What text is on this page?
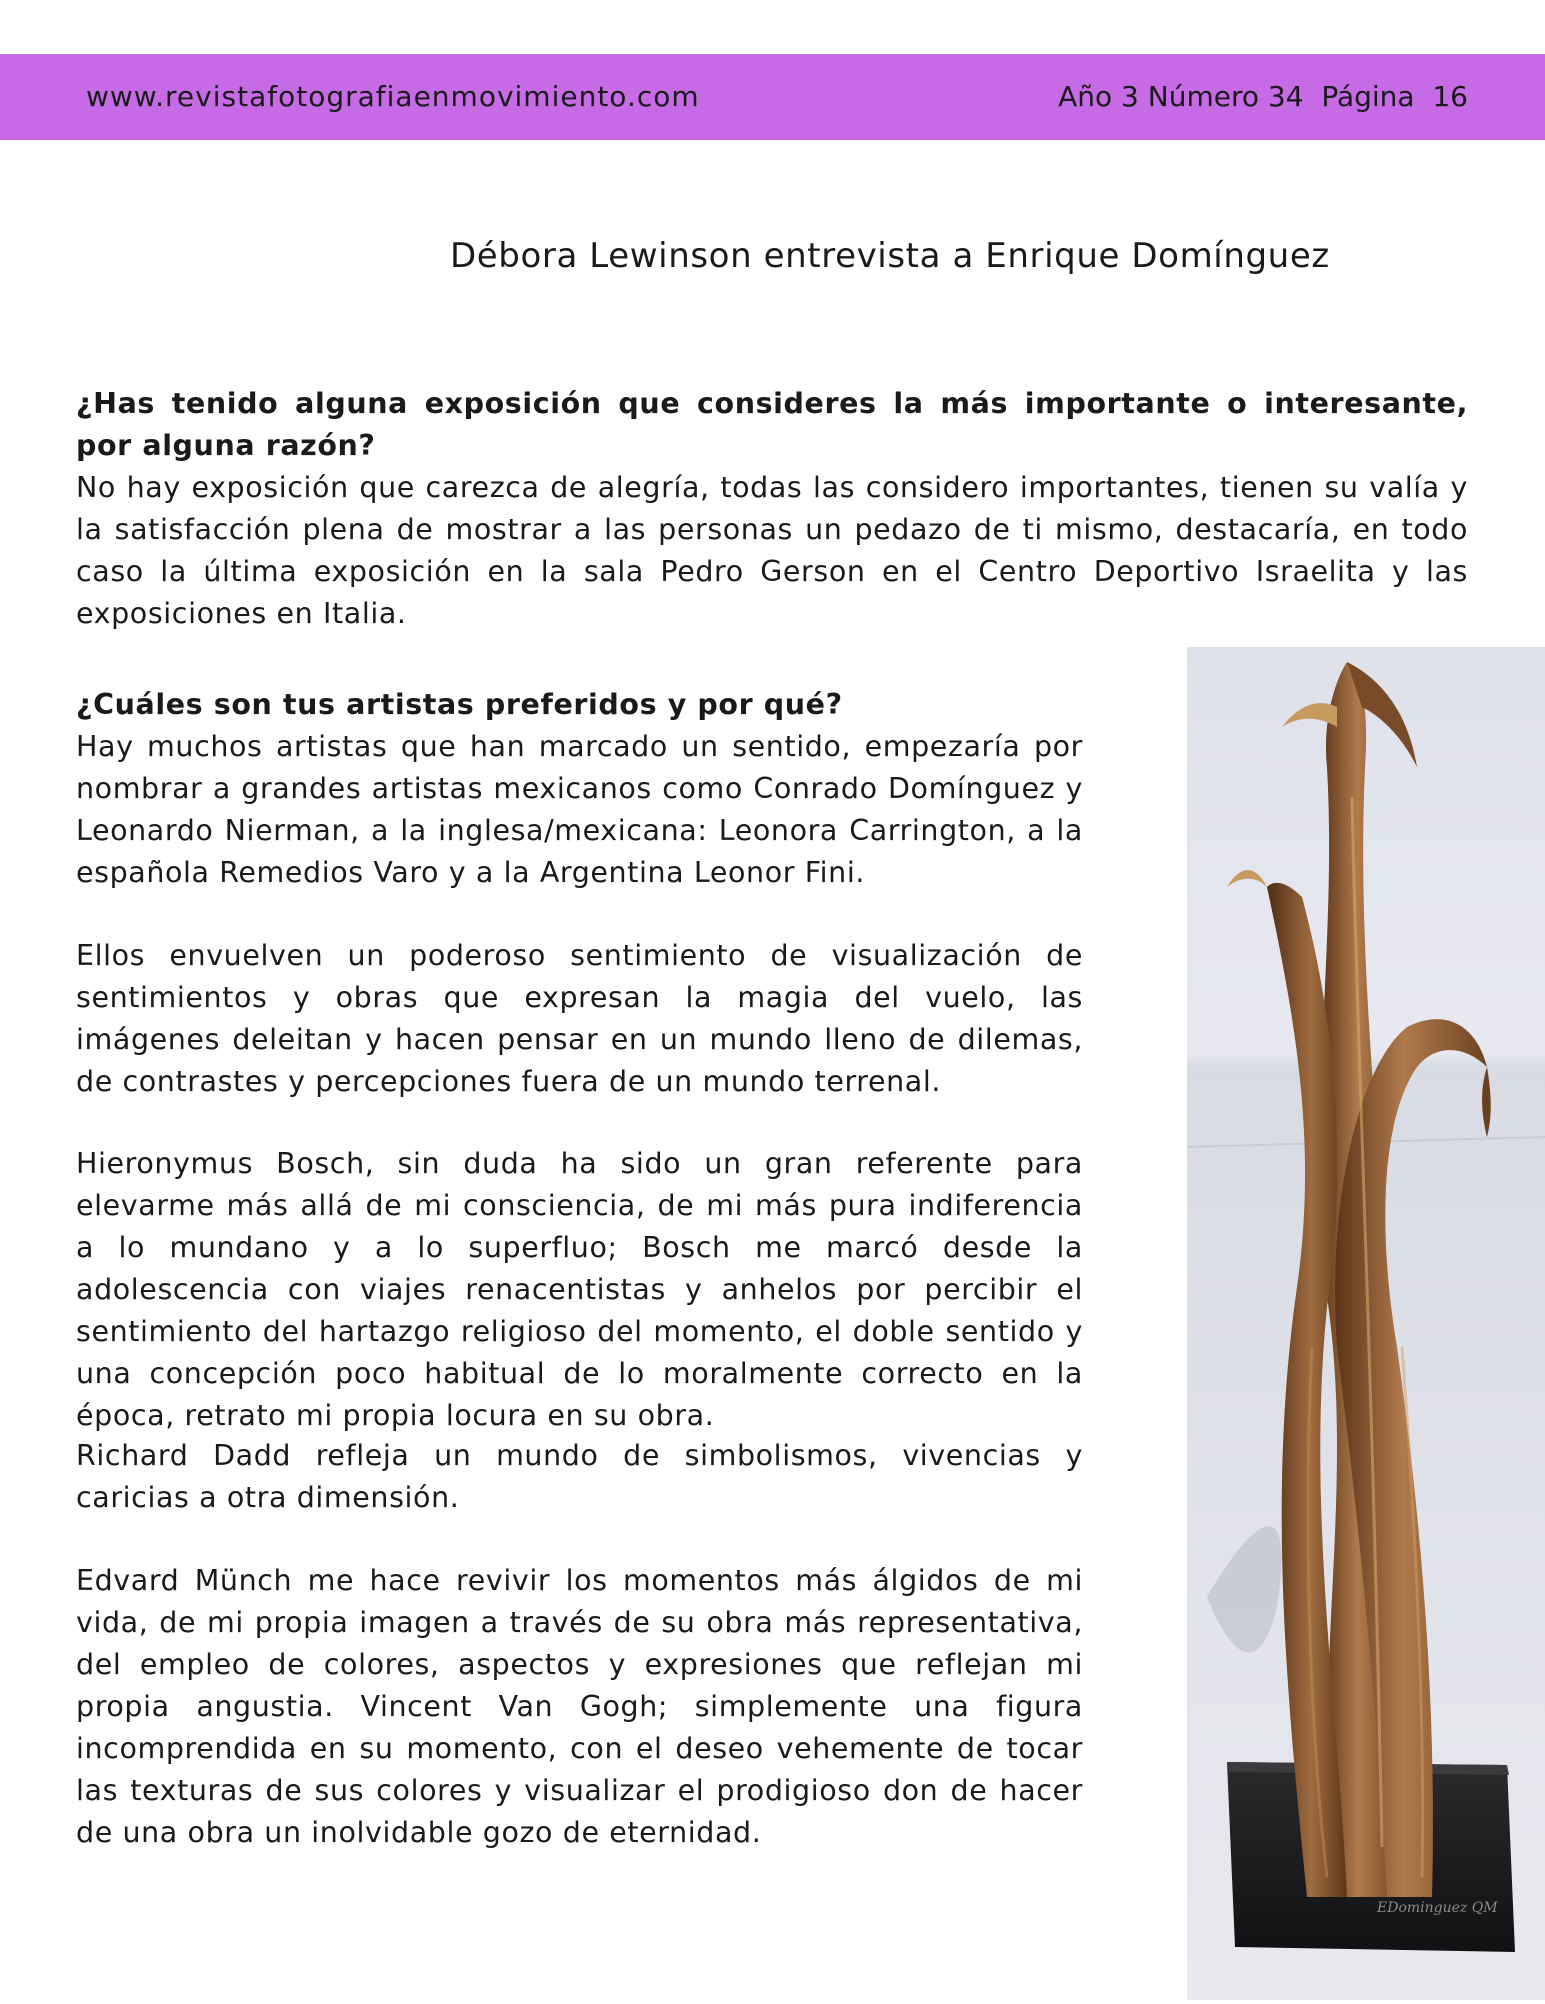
www.revistafotografiaenmovimiento.com	Año 3 Número 34  Página  16
Débora Lewinson entrevista a Enrique Domínguez

¿Has tenido alguna exposición que consideres la más importante o interesante, por alguna razón?

No hay exposición que carezca de alegría, todas las considero importantes, tienen su valía y la satisfacción plena de mostrar a las personas un pedazo de ti mismo, destacaría, en todo caso la última exposición en la sala Pedro Gerson en el Centro Deportivo Israelita y las exposiciones en Italia.

¿Cuáles son tus artistas preferidos y por qué?

Hay muchos artistas que han marcado un sentido, empezaría por nombrar a grandes artistas mexicanos como Conrado Domínguez y Leonardo Nierman, a la inglesa/mexicana: Leonora Carrington, a la española Remedios Varo y a la Argentina Leonor Fini.

Ellos envuelven un poderoso sentimiento de visualización de sentimientos y obras que expresan la magia del vuelo, las imágenes deleitan y hacen pensar en un mundo lleno de dilemas, de contrastes y percepciones fuera de un mundo terrenal.

Hieronymus Bosch, sin duda ha sido un gran referente para elevarme más allá de mi consciencia, de mi más pura indiferencia a lo mundano y a lo superfluo; Bosch me marcó desde la adolescencia con viajes renacentistas y anhelos por percibir el sentimiento del hartazgo religioso del momento, el doble sentido y una concepción poco habitual de lo moralmente correcto en la época, retrato mi propia locura en su obra.

Richard Dadd refleja un mundo de simbolismos, vivencias y caricias a otra dimensión.

Edvard Münch me hace revivir los momentos más álgidos de mi vida, de mi propia imagen a través de su obra más representativa, del empleo de colores, aspectos y expresiones que reflejan mi propia angustia. Vincent Van Gogh; simplemente una figura incomprendida en su momento, con el deseo vehemente de tocar las texturas de sus colores y visualizar el prodigioso don de hacer de una obra un inolvidable gozo de eternidad.

EDominguez QM
